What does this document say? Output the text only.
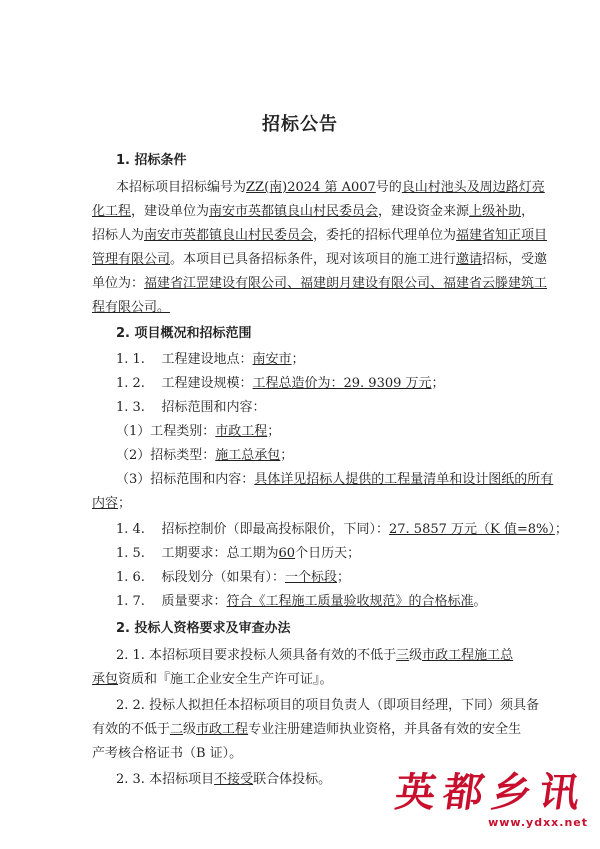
招标公告
1. 招标条件
本招标项目招标编号为ZZ(南)2024 第 A007号的良山村池头及周边路灯亮
化工程，建设单位为南安市英都镇良山村民委员会，建设资金来源上级补助，
招标人为南安市英都镇良山村民委员会，委托的招标代理单位为福建省知正项目
管理有限公司。本项目已具备招标条件，现对该项目的施工进行邀请招标，受邀
单位为：福建省江罡建设有限公司、福建朗月建设有限公司、福建省云滕建筑工
程有限公司。
2. 项目概况和招标范围
1. 1. 工程建设地点：南安市；
1. 2. 工程建设规模：工程总造价为：29. 9309 万元；
1. 3. 招标范围和内容：
（1）工程类别：市政工程；
（2）招标类型：施工总承包；
（3）招标范围和内容：具体详见招标人提供的工程量清单和设计图纸的所有
内容；
1. 4. 招标控制价（即最高投标限价，下同）：27. 5857 万元（K 值=8%）；
1. 5. 工期要求：总工期为60个日历天；
1. 6. 标段划分（如果有）：一个标段；
1. 7. 质量要求：符合《工程施工质量验收规范》的合格标准。
2. 投标人资格要求及审查办法
2. 1. 本招标项目要求投标人须具备有效的不低于三级市政工程施工总
承包资质和『施工企业安全生产许可证』。
2. 2. 投标人拟担任本招标项目的项目负责人（即项目经理，下同）须具备
有效的不低于二级市政工程专业注册建造师执业资格，并具备有效的安全生
产考核合格证书（B 证）。
2. 3. 本招标项目不接受联合体投标。 英都乡讯
www.ydxx.net
